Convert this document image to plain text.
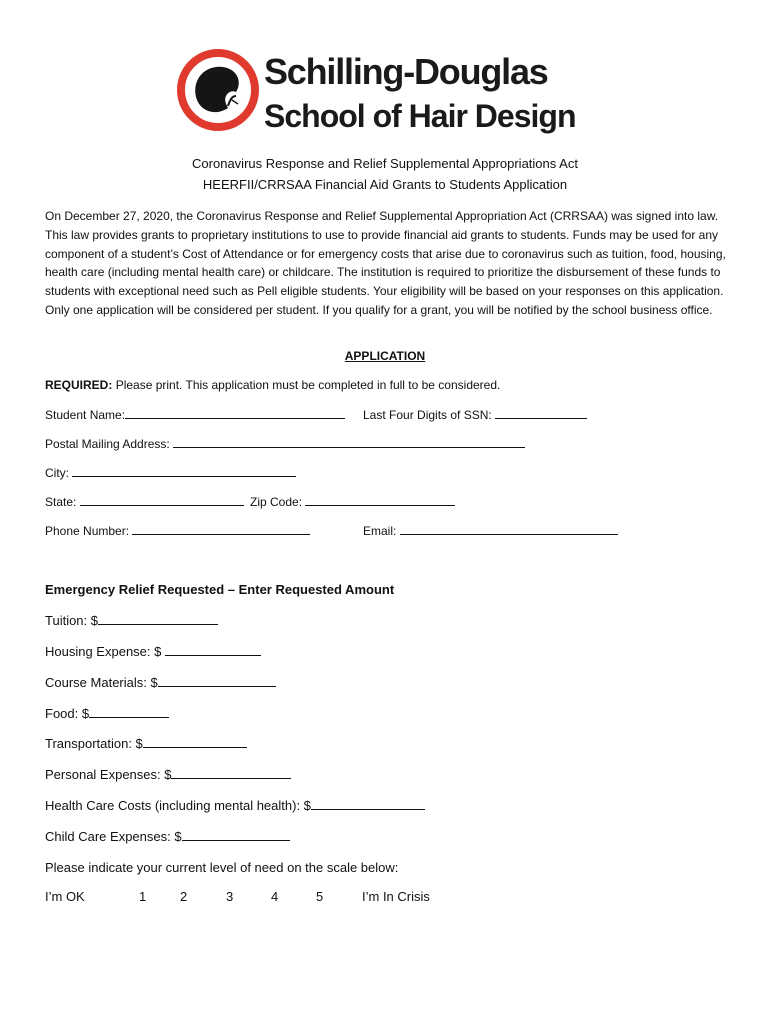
Schilling-Douglas
School of Hair Design
Coronavirus Response and Relief Supplemental Appropriations Act
HEERFII/CRRSAA Financial Aid Grants to Students Application
On December 27, 2020, the Coronavirus Response and Relief Supplemental Appropriation Act (CRRSAA) was signed into law. This law provides grants to proprietary institutions to use to provide financial aid grants to students. Funds may be used for any component of a student’s Cost of Attendance or for emergency costs that arise due to coronavirus such as tuition, food, housing, health care (including mental health care) or childcare. The institution is required to prioritize the disbursement of these funds to students with exceptional need such as Pell eligible students. Your eligibility will be based on your responses on this application. Only one application will be considered per student. If you qualify for a grant, you will be notified by the school business office.
APPLICATION
REQUIRED: Please print. This application must be completed in full to be considered.
Student Name:	Last Four Digits of SSN:
Postal Mailing Address:
City:
State:	Zip Code:
Phone Number:	Email:
Emergency Relief Requested – Enter Requested Amount
Tuition: $
Housing Expense: $
Course Materials: $
Food: $
Transportation: $
Personal Expenses: $
Health Care Costs (including mental health): $
Child Care Expenses: $
Please indicate your current level of need on the scale below:
I’m OK	1	2	3	4	5	I’m In Crisis
